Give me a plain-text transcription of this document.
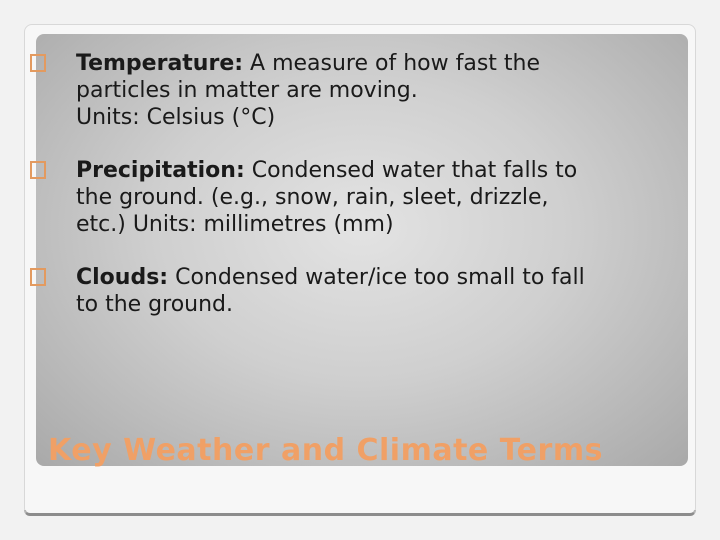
Temperature: A measure of how fast the
particles in matter are moving.
Units: Celsius (°C)
Precipitation: Condensed water that falls to
the ground. (e.g., snow, rain, sleet, drizzle,
etc.) Units: millimetres (mm)
Clouds: Condensed water/ice too small to fall
to the ground.
Key Weather and Climate Terms
